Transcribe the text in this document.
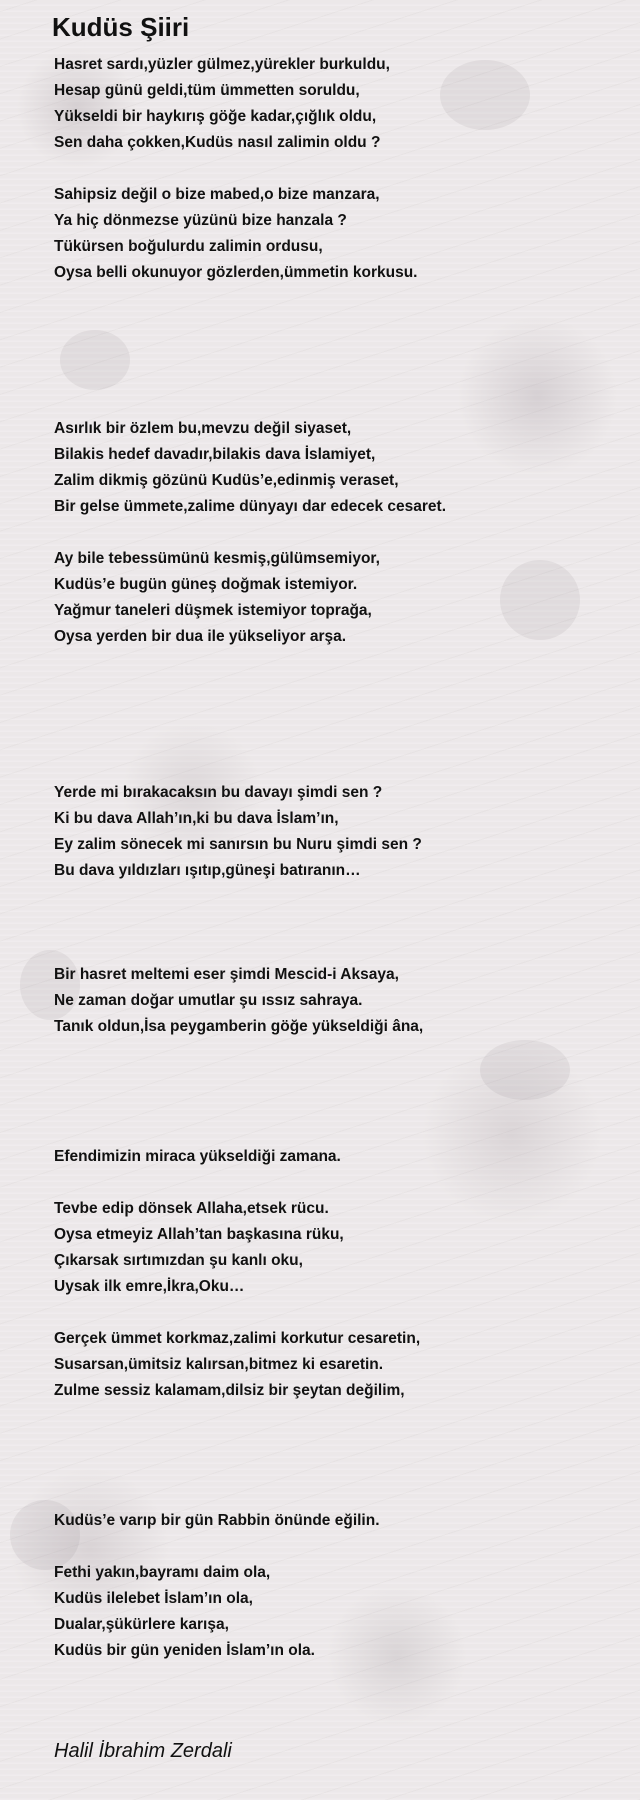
Kudüs Şiiri
Hasret sardı,yüzler gülmez,yürekler burkuldu,
Hesap günü geldi,tüm ümmetten soruldu,
Yükseldi bir haykırış göğe kadar,çığlık oldu,
Sen daha çokken,Kudüs nasıl zalimin oldu ?
Sahipsiz değil o bize mabed,o bize manzara,
Ya hiç dönmezse yüzünü bize hanzala ?
Tükürsen boğulurdu zalimin ordusu,
Oysa belli okunuyor gözlerden,ümmetin korkusu.
Asırlık bir özlem bu,mevzu değil siyaset,
Bilakis hedef davadır,bilakis dava İslamiyet,
Zalim dikmiş gözünü Kudüs’e,edinmiş veraset,
Bir gelse ümmete,zalime dünyayı dar edecek cesaret.
Ay bile tebessümünü kesmiş,gülümsemiyor,
Kudüs’e bugün güneş doğmak istemiyor.
Yağmur taneleri düşmek istemiyor toprağa,
Oysa yerden bir dua ile yükseliyor arşa.
Yerde mi bırakacaksın bu davayı şimdi sen ?
Ki bu dava Allah’ın,ki bu dava İslam’ın,
Ey zalim sönecek mi sanırsın bu Nuru şimdi sen ?
Bu dava yıldızları ışıtıp,güneşi batıranın…
Bir hasret meltemi eser şimdi Mescid-i Aksaya,
Ne zaman doğar umutlar şu ıssız sahraya.
Tanık oldun,İsa peygamberin göğe yükseldiği âna,
Efendimizin miraca yükseldiği zamana.
Tevbe edip dönsek Allaha,etsek rücu.
Oysa etmeyiz Allah’tan başkasına rüku,
Çıkarsak sırtımızdan şu kanlı oku,
Uysak ilk emre,İkra,Oku…
Gerçek ümmet korkmaz,zalimi korkutur cesaretin,
Susarsan,ümitsiz kalırsan,bitmez ki esaretin.
Zulme sessiz kalamam,dilsiz bir şeytan değilim,
Kudüs’e varıp bir gün Rabbin önünde eğilin.
Fethi yakın,bayramı daim ola,
Kudüs ilelebet İslam’ın ola,
Dualar,şükürlere karışa,
Kudüs bir gün yeniden İslam’ın ola.
Halil İbrahim Zerdali
